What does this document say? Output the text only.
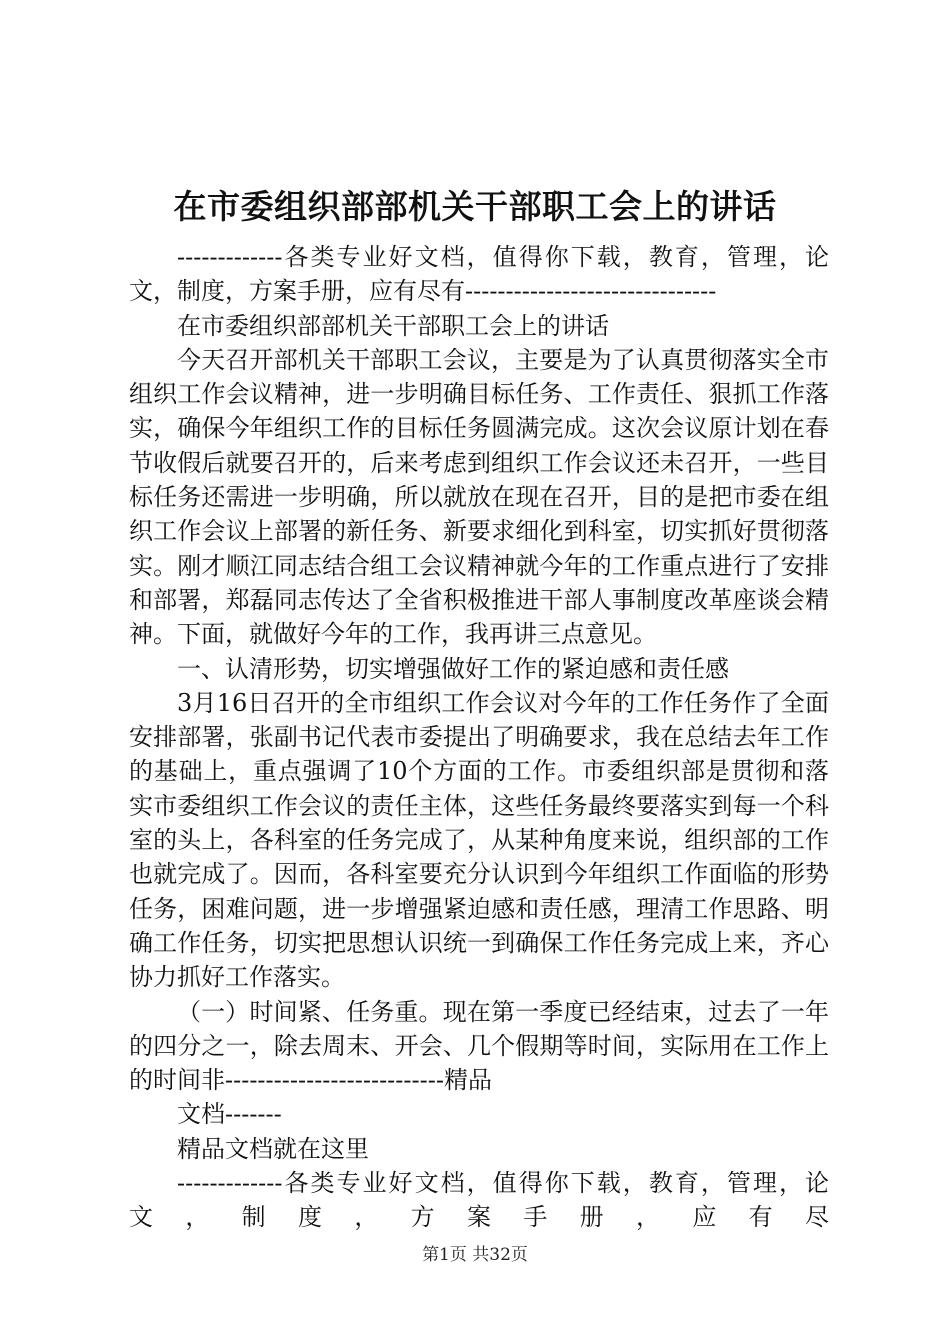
在市委组织部部机关干部职工会上的讲话

-------------各类专业好文档，值得你下载，教育，管理，论文，制度，方案手册，应有尽有-------------------------------

在市委组织部部机关干部职工会上的讲话

今天召开部机关干部职工会议，主要是为了认真贯彻落实全市组织工作会议精神，进一步明确目标任务、工作责任、狠抓工作落实，确保今年组织工作的目标任务圆满完成。这次会议原计划在春节收假后就要召开的，后来考虑到组织工作会议还未召开，一些目标任务还需进一步明确，所以就放在现在召开，目的是把市委在组织工作会议上部署的新任务、新要求细化到科室，切实抓好贯彻落实。刚才顺江同志结合组工会议精神就今年的工作重点进行了安排和部署，郑磊同志传达了全省积极推进干部人事制度改革座谈会精神。下面，就做好今年的工作，我再讲三点意见。

一、认清形势，切实增强做好工作的紧迫感和责任感

3月16日召开的全市组织工作会议对今年的工作任务作了全面安排部署，张副书记代表市委提出了明确要求，我在总结去年工作的基础上，重点强调了10个方面的工作。市委组织部是贯彻和落实市委组织工作会议的责任主体，这些任务最终要落实到每一个科室的头上，各科室的任务完成了，从某种角度来说，组织部的工作也就完成了。因而，各科室要充分认识到今年组织工作面临的形势任务，困难问题，进一步增强紧迫感和责任感，理清工作思路、明确工作任务，切实把思想认识统一到确保工作任务完成上来，齐心协力抓好工作落实。

（一）时间紧、任务重。现在第一季度已经结束，过去了一年的四分之一，除去周末、开会、几个假期等时间，实际用在工作上的时间非---------------------------精品

文档-------

精品文档就在这里

-------------各类专业好文档，值得你下载，教育，管理，论文，制度，方案手册，应有尽

第1页 共32页
